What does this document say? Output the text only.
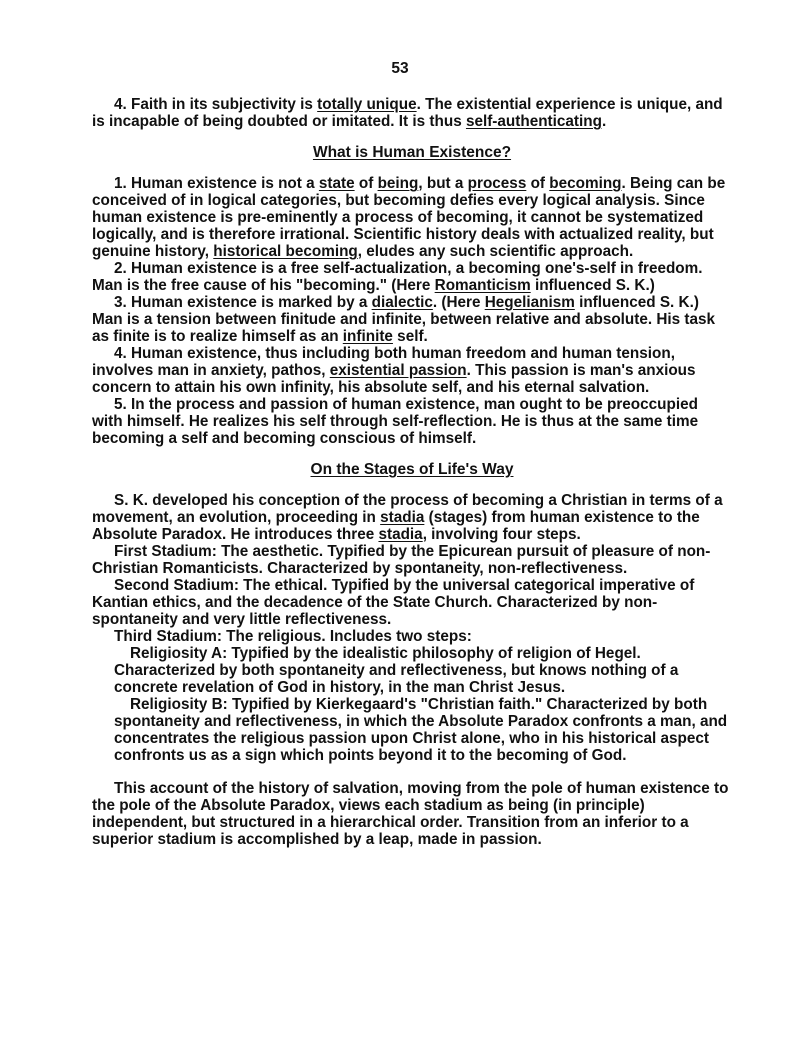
53

4. Faith in its subjectivity is totally unique. The existential experience is unique, and is incapable of being doubted or imitated. It is thus self-authenticating.

What is Human Existence?

1. Human existence is not a state of being, but a process of becoming. Being can be conceived of in logical categories, but becoming defies every logical analysis. Since human existence is pre-eminently a process of becoming, it cannot be systematized logically, and is therefore irrational. Scientific history deals with actualized reality, but genuine history, historical becoming, eludes any such scientific approach.

2. Human existence is a free self-actualization, a becoming one's-self in freedom. Man is the free cause of his "becoming." (Here Romanticism influenced S. K.)

3. Human existence is marked by a dialectic. (Here Hegelianism influenced S. K.) Man is a tension between finitude and infinite, between relative and absolute. His task as finite is to realize himself as an infinite self.

4. Human existence, thus including both human freedom and human tension, involves man in anxiety, pathos, existential passion. This passion is man's anxious concern to attain his own infinity, his absolute self, and his eternal salvation.

5. In the process and passion of human existence, man ought to be preoccupied with himself. He realizes his self through self-reflection. He is thus at the same time becoming a self and becoming conscious of himself.

On the Stages of Life's Way

S. K. developed his conception of the process of becoming a Christian in terms of a movement, an evolution, proceeding in stadia (stages) from human existence to the Absolute Paradox. He introduces three stadia, involving four steps.

First Stadium: The aesthetic. Typified by the Epicurean pursuit of pleasure of non-Christian Romanticists. Characterized by spontaneity, non-reflectiveness.

Second Stadium: The ethical. Typified by the universal categorical imperative of Kantian ethics, and the decadence of the State Church. Characterized by non-spontaneity and very little reflectiveness.

Third Stadium: The religious. Includes two steps:

Religiosity A: Typified by the idealistic philosophy of religion of Hegel. Characterized by both spontaneity and reflectiveness, but knows nothing of a concrete revelation of God in history, in the man Christ Jesus.

Religiosity B: Typified by Kierkegaard's "Christian faith." Characterized by both spontaneity and reflectiveness, in which the Absolute Paradox confronts a man, and concentrates the religious passion upon Christ alone, who in his historical aspect confronts us as a sign which points beyond it to the becoming of God.

This account of the history of salvation, moving from the pole of human existence to the pole of the Absolute Paradox, views each stadium as being (in principle) independent, but structured in a hierarchical order. Transition from an inferior to a superior stadium is accomplished by a leap, made in passion.
